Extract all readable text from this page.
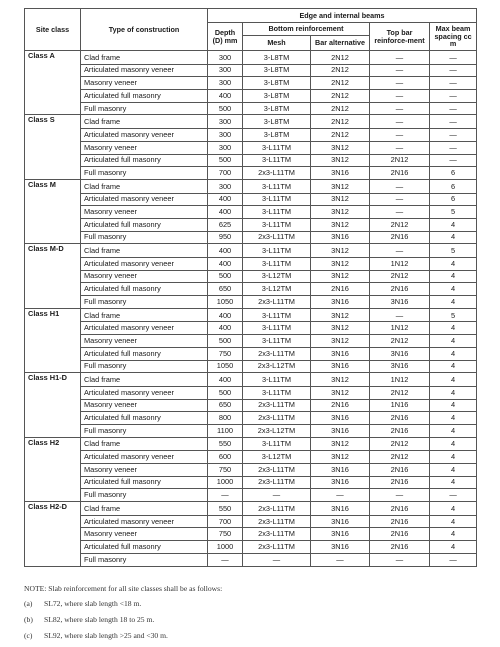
Site class	Type of construction	Edge and internal beams				
		Depth (D) mm	Bottom reinforcement		Top bar reinforce-ment	Max beam spacing cc m
			Mesh	Bar alternative		
Class A	Clad frame	300	3-L8TM	2N12	—	—
	Articulated masonry veneer	300	3-L8TM	2N12	—	—
	Masonry veneer	300	3-L8TM	2N12	—	—
	Articulated full masonry	400	3-L8TM	2N12	—	—
	Full masonry	500	3-L8TM	2N12	—	—
Class S	Clad frame	300	3-L8TM	2N12	—	—
	Articulated masonry veneer	300	3-L8TM	2N12	—	—
	Masonry veneer	300	3-L11TM	3N12	—	—
	Articulated full masonry	500	3-L11TM	3N12	2N12	—
	Full masonry	700	2x3-L11TM	3N16	2N16	6
Class M	Clad frame	300	3-L11TM	3N12	—	6
	Articulated masonry veneer	400	3-L11TM	3N12	—	6
	Masonry veneer	400	3-L11TM	3N12	—	5
	Articulated full masonry	625	3-L11TM	3N12	2N12	4
	Full masonry	950	2x3-L11TM	3N16	2N16	4
Class M-D	Clad frame	400	3-L11TM	3N12	—	5
	Articulated masonry veneer	400	3-L11TM	3N12	1N12	4
	Masonry veneer	500	3-L12TM	3N12	2N12	4
	Articulated full masonry	650	3-L12TM	2N16	2N16	4
	Full masonry	1050	2x3-L11TM	3N16	3N16	4
Class H1	Clad frame	400	3-L11TM	3N12	—	5
	Articulated masonry veneer	400	3-L11TM	3N12	1N12	4
	Masonry veneer	500	3-L11TM	3N12	2N12	4
	Articulated full masonry	750	2x3-L11TM	3N16	3N16	4
	Full masonry	1050	2x3-L12TM	3N16	3N16	4
Class H1-D	Clad frame	400	3-L11TM	3N12	1N12	4
	Articulated masonry veneer	500	3-L11TM	3N12	2N12	4
	Masonry veneer	650	2x3-L11TM	2N16	1N16	4
	Articulated full masonry	800	2x3-L11TM	3N16	2N16	4
	Full masonry	1100	2x3-L12TM	3N16	2N16	4
Class H2	Clad frame	550	3-L11TM	3N12	2N12	4
	Articulated masonry veneer	600	3-L12TM	3N12	2N12	4
	Masonry veneer	750	2x3-L11TM	3N16	2N16	4
	Articulated full masonry	1000	2x3-L11TM	3N16	2N16	4
	Full masonry	—	—	—	—	—
Class H2-D	Clad frame	550	2x3-L11TM	3N16	2N16	4
	Articulated masonry veneer	700	2x3-L11TM	3N16	2N16	4
	Masonry veneer	750	2x3-L11TM	3N16	2N16	4
	Articulated full masonry	1000	2x3-L11TM	3N16	2N16	4
	Full masonry	—	—	—	—	—
NOTE: Slab reinforcement for all site classes shall be as follows:
(a)	SL72, where slab length <18 m.
(b)	SL82, where slab length 18 to 25 m.
(c)	SL92, where slab length >25 and <30 m.
